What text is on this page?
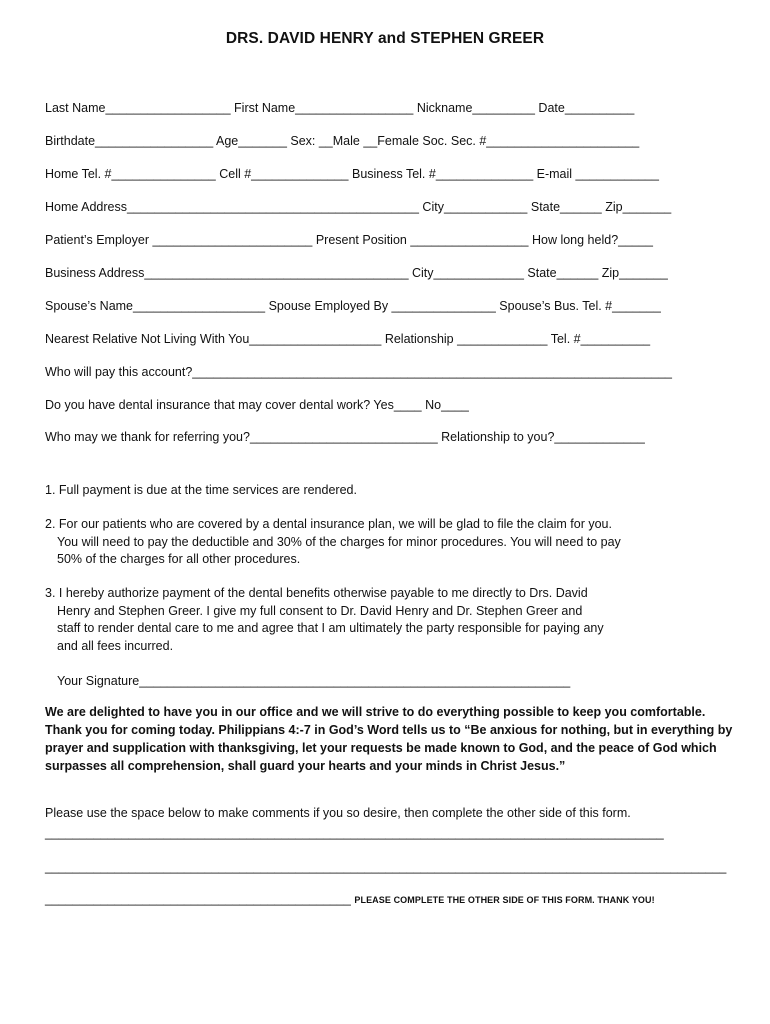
DRS. DAVID HENRY and STEPHEN GREER
Last Name__________________ First Name_________________ Nickname_________ Date__________
Birthdate_________________ Age_______ Sex: __Male __Female Soc. Sec. #______________________
Home Tel. #_______________ Cell #______________ Business Tel. #______________ E-mail ____________
Home Address__________________________________________ City____________ State______ Zip_______
Patient’s Employer _______________________ Present Position _________________ How long held?_____
Business Address______________________________________ City_____________ State______ Zip_______
Spouse’s Name___________________ Spouse Employed By _______________ Spouse’s Bus. Tel. #_______
Nearest Relative Not Living With You___________________ Relationship _____________ Tel. #__________
Who will pay this account?_____________________________________________________________________
Do you have dental insurance that may cover dental work? Yes____ No____
Who may we thank for referring you?___________________________ Relationship to you?_____________
1. Full payment is due at the time services are rendered.
2. For our patients who are covered by a dental insurance plan, we will be glad to file the claim for you.
You will need to pay the deductible and 30% of the charges for minor procedures. You will need to pay
50% of the charges for all other procedures.
3. I hereby authorize payment of the dental benefits otherwise payable to me directly to Drs. David
Henry and Stephen Greer. I give my full consent to Dr. David Henry and Dr. Stephen Greer and
staff to render dental care to me and agree that I am ultimately the party responsible for paying any
and all fees incurred.
Your Signature______________________________________________________________
We are delighted to have you in our office and we will strive to do everything possible to keep you comfortable.
Thank you for coming today. Philippians 4:-7 in God’s Word tells us to “Be anxious for nothing, but in everything by
prayer and supplication with thanksgiving, let your requests be made known to God, and the peace of God which
surpasses all comprehension, shall guard your hearts and your minds in Christ Jesus.”
Please use the space below to make comments if you so desire, then complete the other side of this form.
_________________________________________________________________________________________
__________________________________________________________________________________________________
____________________________________________ PLEASE COMPLETE THE OTHER SIDE OF THIS FORM. THANK YOU!
